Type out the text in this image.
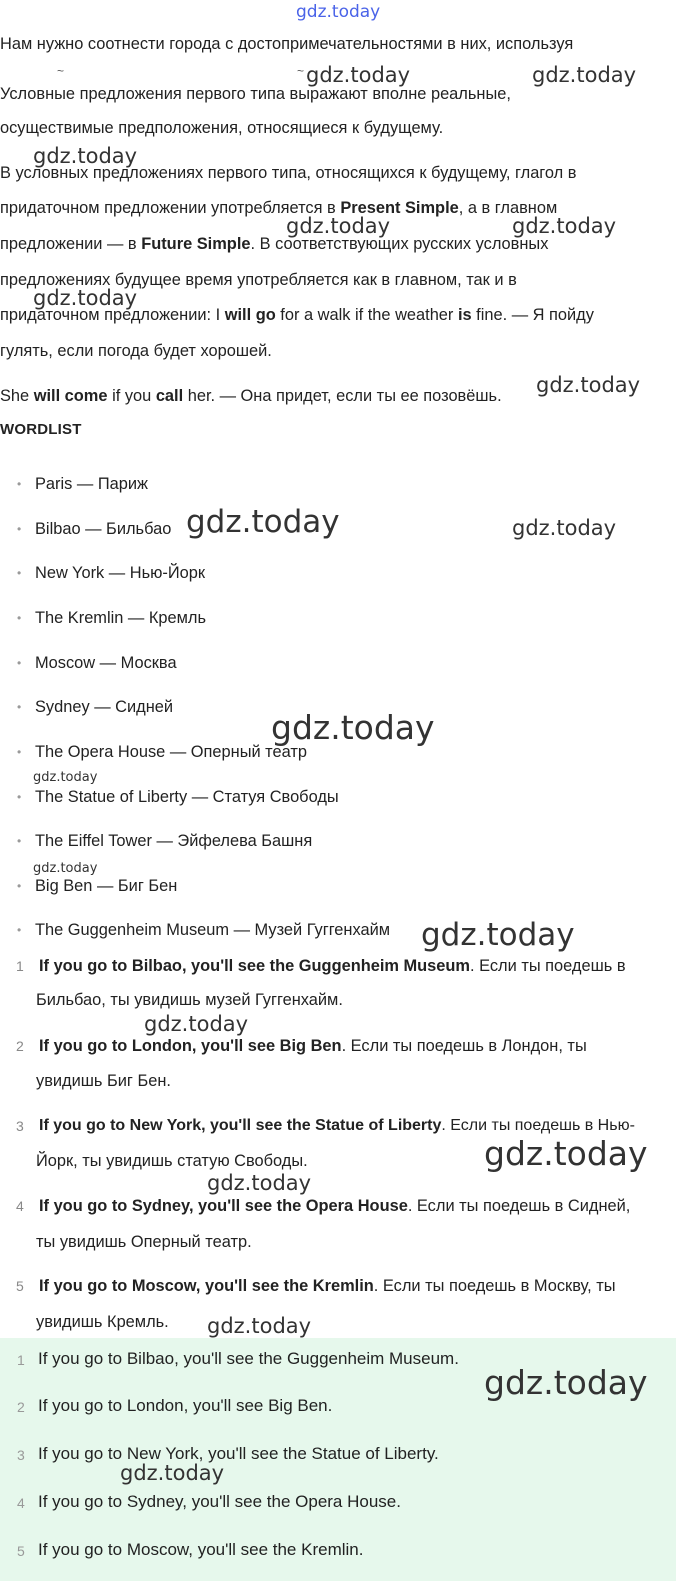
gdz.today
Нам нужно соотнести города с достопримечательностями в них, используя
~
Условные предложения первого типа выражают вполне реальные,
осуществимые предположения, относящиеся к будущему.
В условных предложениях первого типа, относящихся к будущему, глагол в
придаточном предложении употребляется в Present Simple, а в главном
предложении — в Future Simple. В соответствующих русских условных
предложениях будущее время употребляется как в главном, так и в
придаточном предложении: I will go for a walk if the weather is fine. — Я пойду
гулять, если погода будет хорошей.
She will come if you call her. — Она придет, если ты ее позовёшь.
WORDLIST
• Paris — Париж
• Bilbao — Бильбао
• New York — Нью-Йорк
• The Kremlin — Кремль
• Moscow — Москва
• Sydney — Сидней
• The Opera House — Оперный театр
• The Statue of Liberty — Статуя Свободы
• The Eiffel Tower — Эйфелева Башня
• Big Ben — Биг Бен
• The Guggenheim Museum — Музей Гуггенхайм
1 If you go to Bilbao, you'll see the Guggenheim Museum. Если ты поедешь в
Бильбао, ты увидишь музей Гуггенхайм.
2 If you go to London, you'll see Big Ben. Если ты поедешь в Лондон, ты
увидишь Биг Бен.
3 If you go to New York, you'll see the Statue of Liberty. Если ты поедешь в Нью-
Йорк, ты увидишь статую Свободы.
4 If you go to Sydney, you'll see the Opera House. Если ты поедешь в Сидней,
ты увидишь Оперный театр.
5 If you go to Moscow, you'll see the Kremlin. Если ты поедешь в Москву, ты
увидишь Кремль.
1 If you go to Bilbao, you'll see the Guggenheim Museum.
2 If you go to London, you'll see Big Ben.
3 If you go to New York, you'll see the Statue of Liberty.
4 If you go to Sydney, you'll see the Opera House.
5 If you go to Moscow, you'll see the Kremlin.
~ gdz.today	gdz.today
gdz.today
gdz.today	gdz.today
gdz.today
gdz.today
gdz.today	gdz.today
gdz.today
gdz.today
gdz.today
gdz.today
gdz.today
gdz.today
gdz.today
gdz.today
gdz.today
gdz.today
